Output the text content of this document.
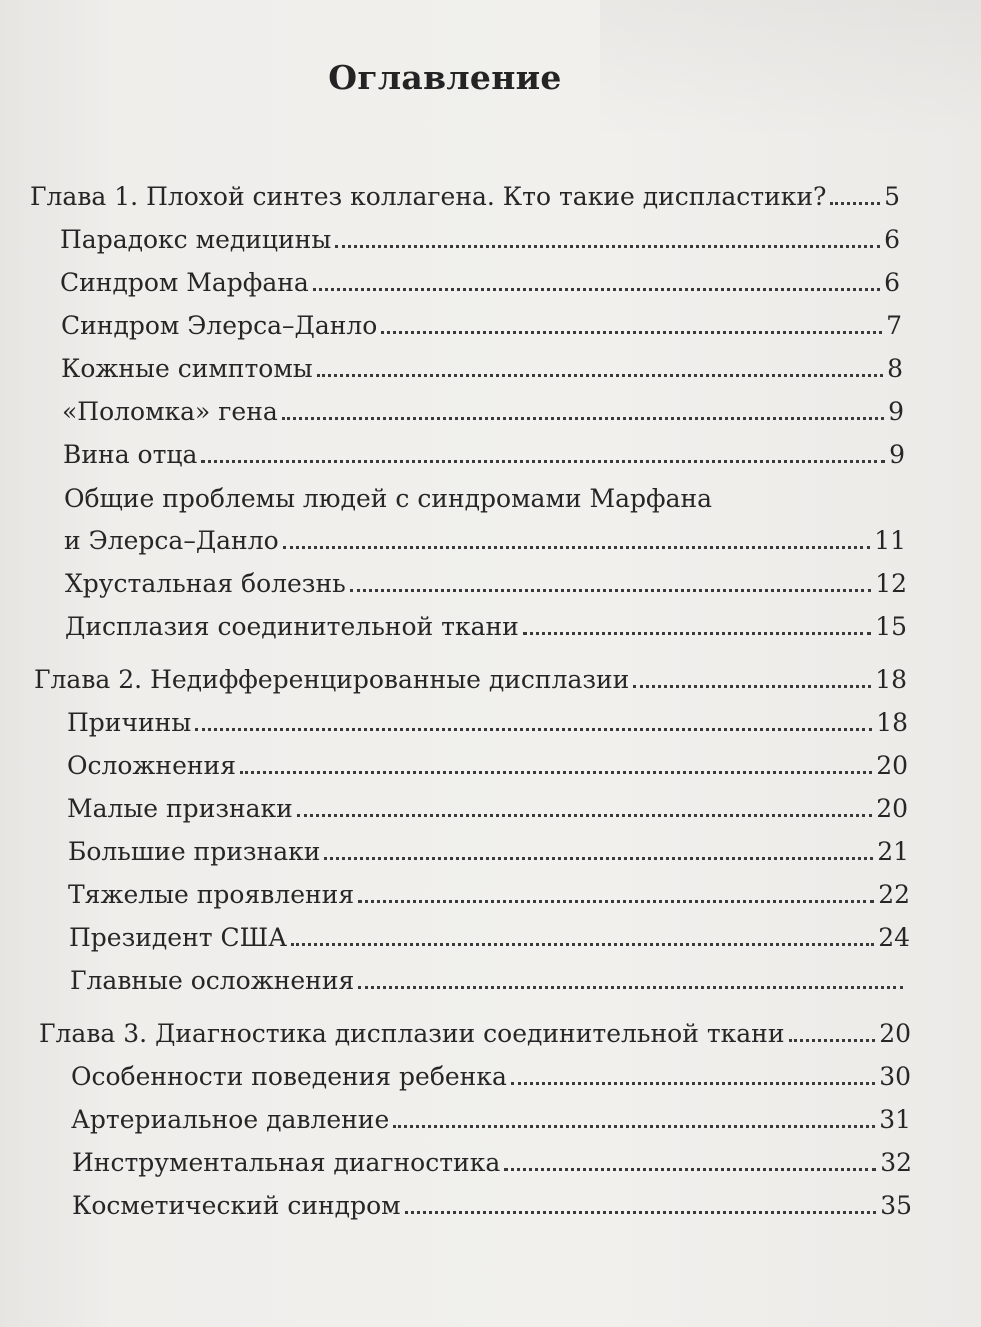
Оглавление
Глава 1. Плохой синтез коллагена. Кто такие диспластики? 5
Парадокс медицины	6
Синдром Марфана	6
Синдром Элерса–Данло	7
Кожные симптомы	8
«Поломка» гена	9
Вина отца	9
Общие проблемы людей с синдромами Марфана
и Элерса–Данло	11
Хрустальная болезнь	12
Дисплазия соединительной ткани	15
Глава 2. Недифференцированные дисплазии	18
Причины	18
Осложнения	20
Малые признаки	20
Большие признаки	21
Тяжелые проявления	22
Президент США	24
Главные осложнения
Глава 3. Диагностика дисплазии соединительной ткани	20
Особенности поведения ребенка	30
Артериальное давление	31
Инструментальная диагностика	32
Косметический синдром	35
